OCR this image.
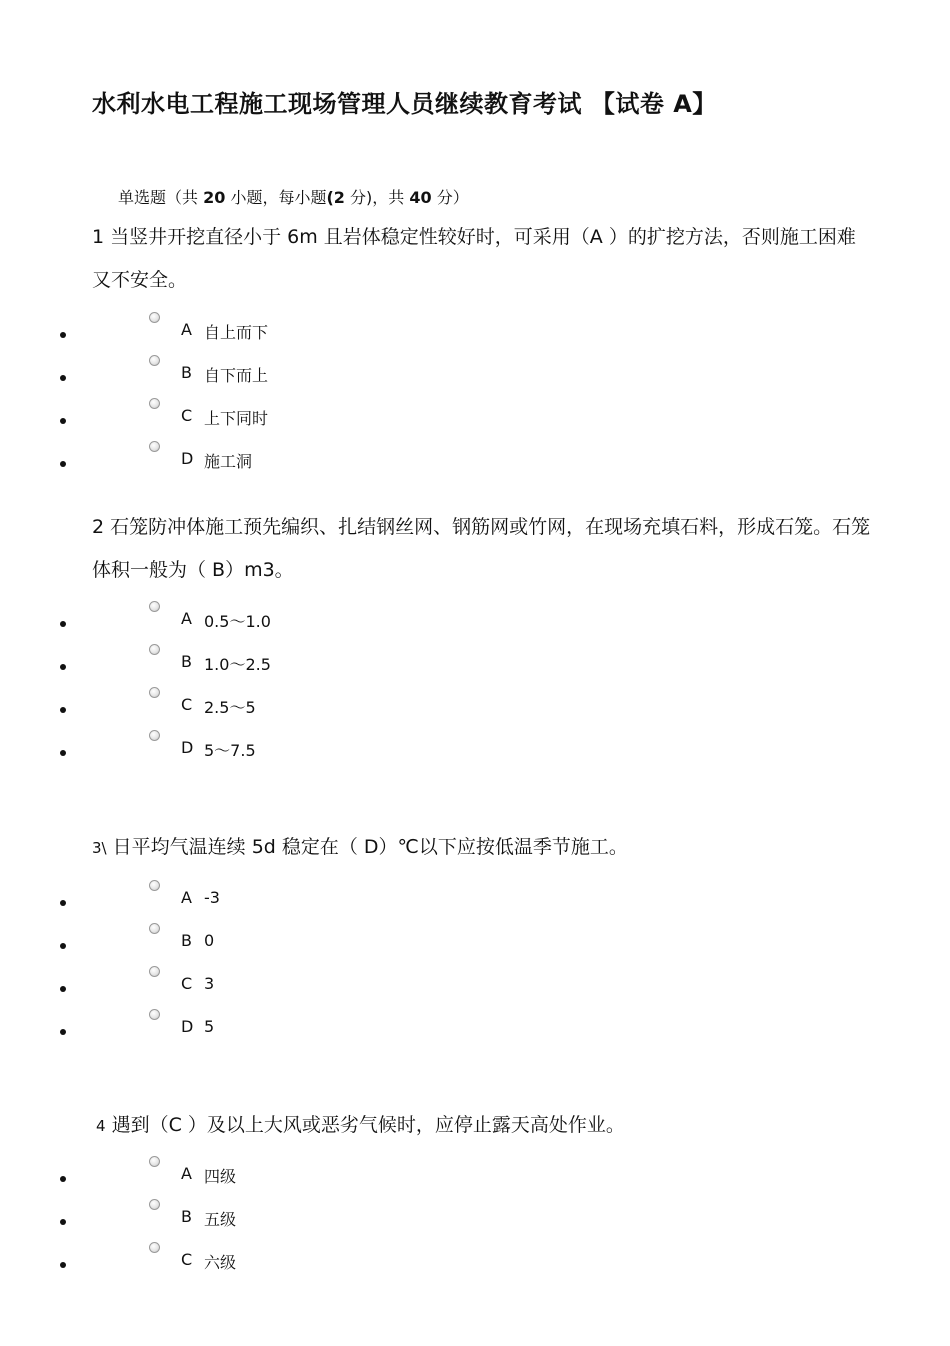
水利水电工程施工现场管理人员继续教育考试 【试卷 A】
单选题（共 20 小题，每小题(2 分)，共 40 分）
1 当竖井开挖直径小于 6m 且岩体稳定性较好时，可采用（A ）的扩挖方法，否则施工困难又不安全。
A 自上而下
B 自下而上
C 上下同时
D 施工洞
2 石笼防冲体施工预先编织、扎结钢丝网、钢筋网或竹网，在现场充填石料，形成石笼。石笼体积一般为（ B）m3。
A 0.5～1.0
B 1.0～2.5
C 2.5～5
D 5～7.5
3\ 日平均气温连续 5d 稳定在（ D）℃以下应按低温季节施工。
A -3
B 0
C 3
D 5
4 遇到（C ）及以上大风或恶劣气候时，应停止露天高处作业。
A 四级
B 五级
C 六级
